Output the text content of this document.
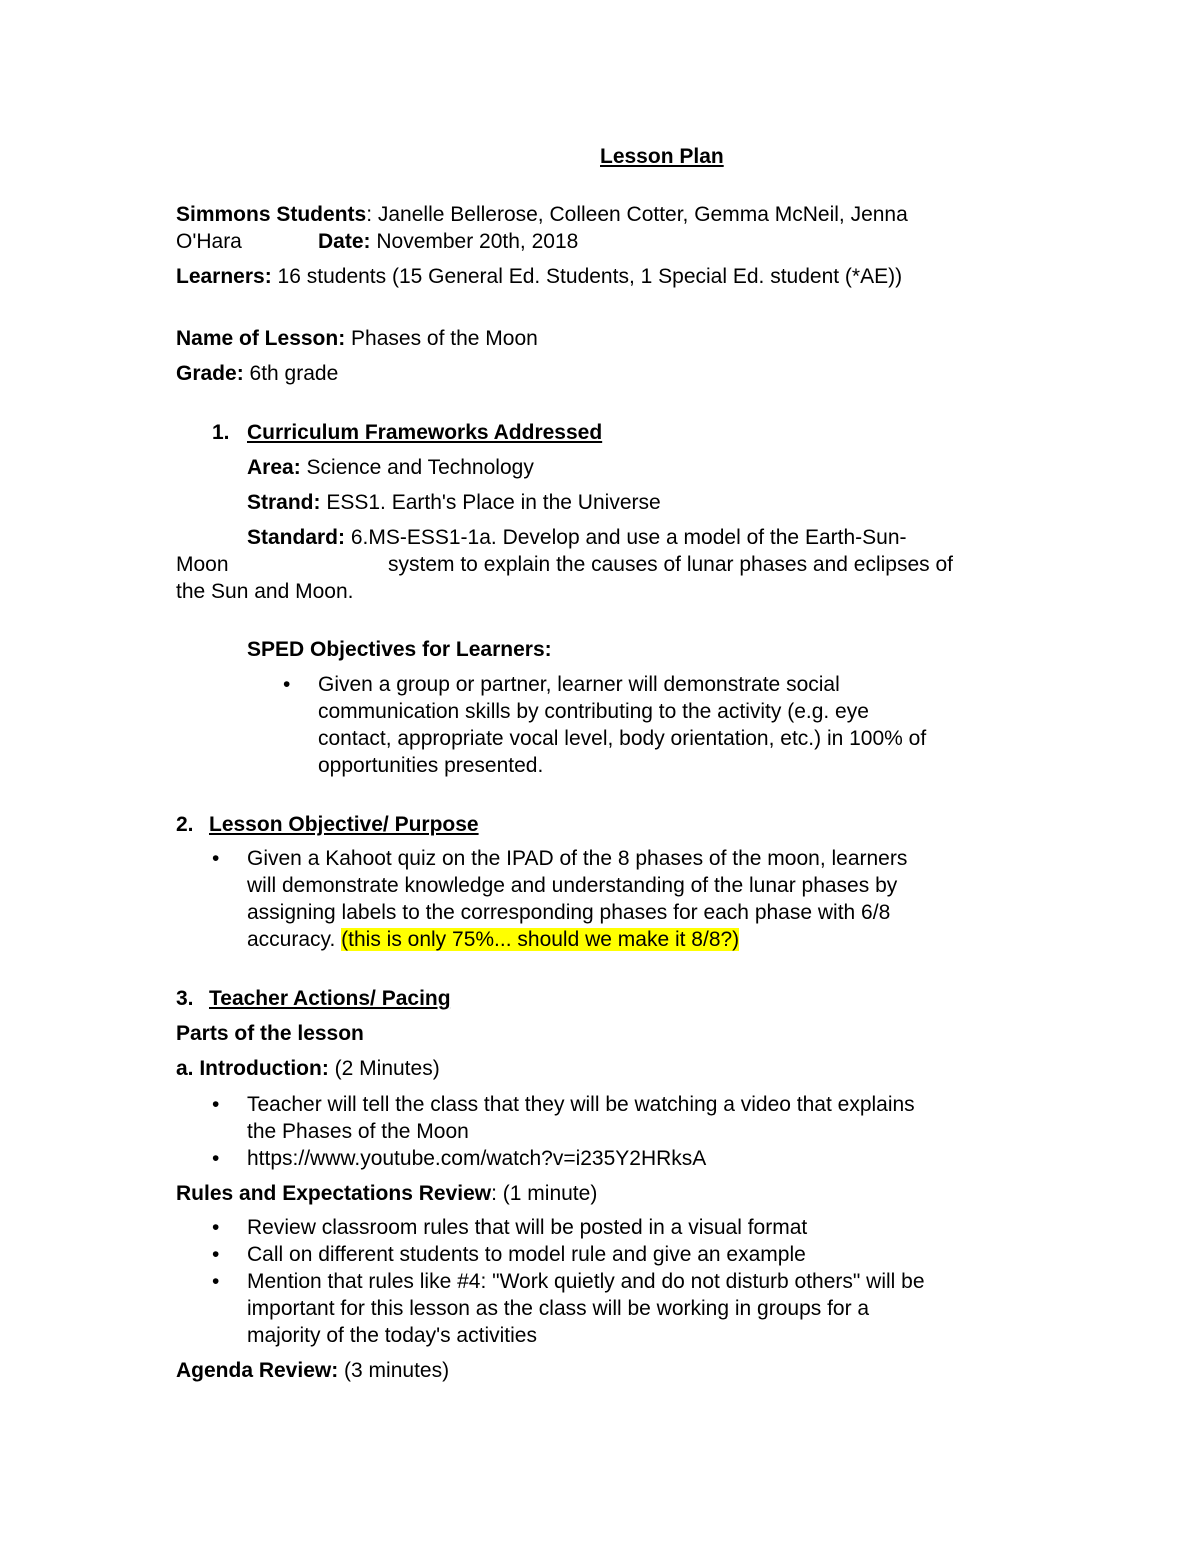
Lesson Plan
Simmons Students: Janelle Bellerose, Colleen Cotter, Gemma McNeil, Jenna
O'Hara	Date: November 20th, 2018
Learners: 16 students (15 General Ed. Students, 1 Special Ed. student (*AE))
Name of Lesson: Phases of the Moon
Grade: 6th grade
1. Curriculum Frameworks Addressed
Area: Science and Technology
Strand: ESS1. Earth's Place in the Universe
Standard: 6.MS-ESS1-1a. Develop and use a model of the Earth-Sun-
Moon	system to explain the causes of lunar phases and eclipses of
the Sun and Moon.
SPED Objectives for Learners:
• Given a group or partner, learner will demonstrate social
communication skills by contributing to the activity (e.g. eye
contact, appropriate vocal level, body orientation, etc.) in 100% of
opportunities presented.
2. Lesson Objective/ Purpose
• Given a Kahoot quiz on the IPAD of the 8 phases of the moon, learners
will demonstrate knowledge and understanding of the lunar phases by
assigning labels to the corresponding phases for each phase with 6/8
accuracy. (this is only 75%... should we make it 8/8?)
3. Teacher Actions/ Pacing
Parts of the lesson
a. Introduction: (2 Minutes)
• Teacher will tell the class that they will be watching a video that explains
the Phases of the Moon
• https://www.youtube.com/watch?v=i235Y2HRksA
Rules and Expectations Review: (1 minute)
• Review classroom rules that will be posted in a visual format
• Call on different students to model rule and give an example
• Mention that rules like #4: "Work quietly and do not disturb others" will be
important for this lesson as the class will be working in groups for a
majority of the today's activities
Agenda Review: (3 minutes)
